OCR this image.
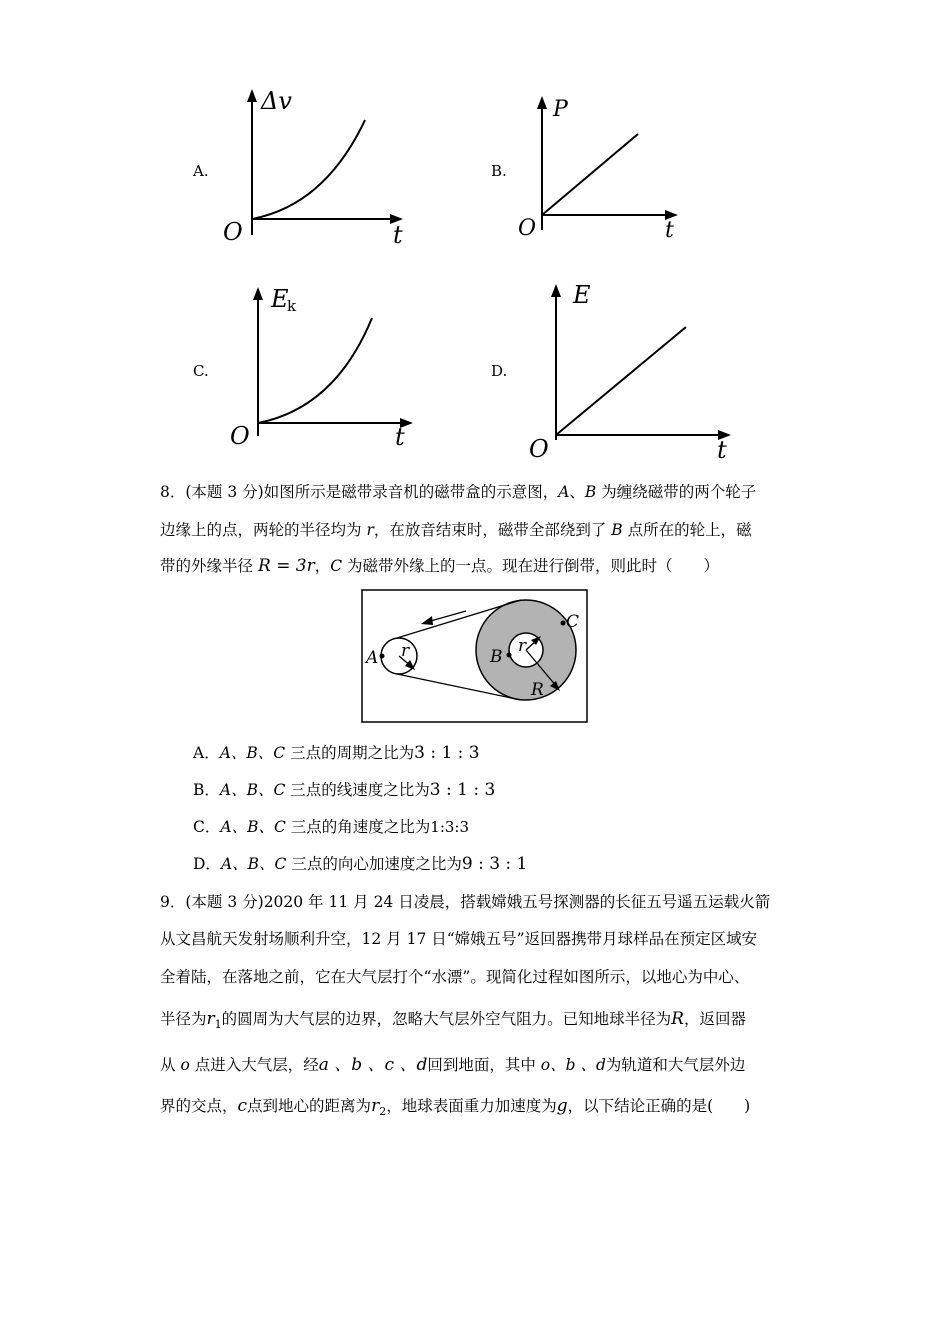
A.
Δv
O	t
B.
P
O	t
C.
E
k
O	t
D.
E
O	t
8．(本题 3 分)如图所示是磁带录音机的磁带盒的示意图，A、B 为缠绕磁带的两个轮子
边缘上的点，两轮的半径均为 r，在放音结束时，磁带全部绕到了 B 点所在的轮上，磁
带的外缘半径 R = 3r，C 为磁带外缘上的一点。现在进行倒带，则此时（　　）
A r	B
r
C
R
A．A、B、C 三点的周期之比为3 : 1 : 3
B．A、B、C 三点的线速度之比为3 : 1 : 3
C．A、B、C 三点的角速度之比为1:3:3
D．A、B、C 三点的向心加速度之比为9 : 3 : 1
9．(本题 3 分)2020 年 11 月 24 日凌晨，搭载嫦娥五号探测器的长征五号遥五运载火箭
从文昌航天发射场顺利升空，12 月 17 日“嫦娥五号”返回器携带月球样品在预定区域安
全着陆，在落地之前，它在大气层打个“水漂”。现简化过程如图所示，以地心为中心、
半径为$r_1$的圆周为大气层的边界，忽略大气层外空气阻力。已知地球半径为R，返回器
从 o 点进入大气层，经a 、b 、c 、d回到地面，其中 o、b 、d为轨道和大气层外边
界的交点，c点到地心的距离为$r_2$，地球表面重力加速度为g，以下结论正确的是(　　)
